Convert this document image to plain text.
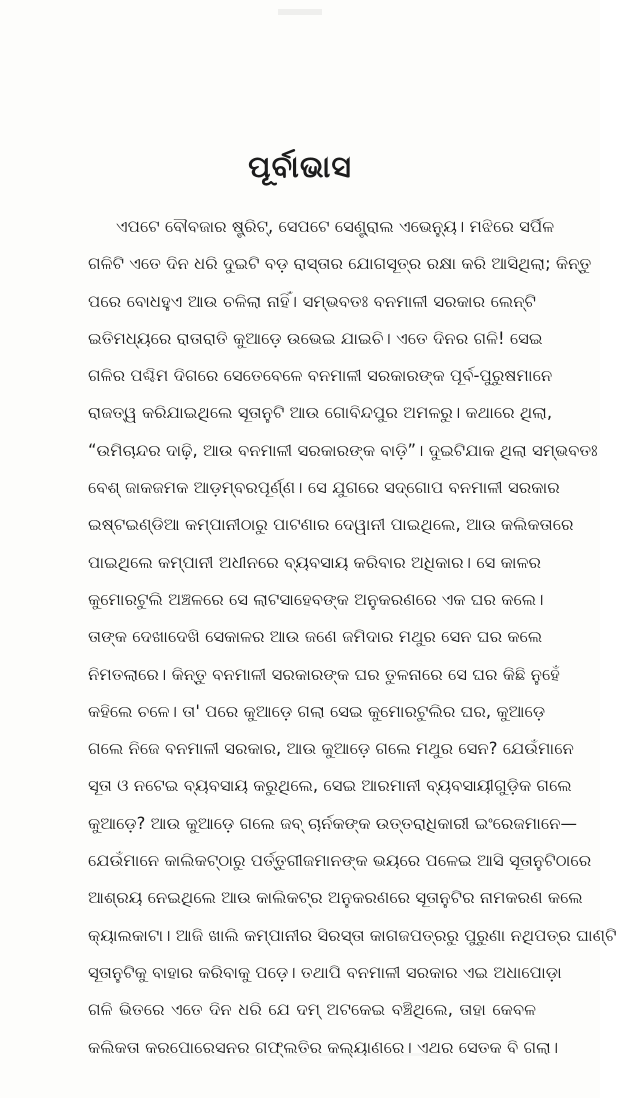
ପୂର୍ବାଭାସ
ଏପଟେ ବୌବଜାର ଷ୍ଟ୍ରିଟ୍, ସେପଟେ ସେଣ୍ଟ୍ରାଲ ଏଭେନ୍ୟୁ। ମଝିରେ ସର୍ପିଳ
ଗଳିଟି ଏତେ ଦିନ ଧରି ଦୁଇଟି ବଡ଼ ରାସ୍ତାର ଯୋଗସୂତ୍ର ରକ୍ଷା କରି ଆସିଥିଲା; କିନ୍ତୁ
ପରେ ବୋଧହୁଏ ଆଉ ଚଳିଲା ନାହିଁ। ସମ୍ଭବତଃ ବନମାଳୀ ସରକାର ଲେନ୍‌ଟି
ଇତିମଧ୍ୟରେ ରାତାରାତି କୁଆଡ଼େ ଉଭେଇ ଯାଇଚି। ଏତେ ଦିନର ଗଳି! ସେଇ
ଗଳିର ପଶ୍ଚିମ ଦିଗରେ ସେତେବେଳେ ବନମାଳୀ ସରକାରଙ୍କ ପୂର୍ବ-ପୁରୁଷମାନେ
ରାଜତ୍ୱ କରିଯାଇଥିଲେ ସୂତାନୁଟି ଆଉ ଗୋବିନ୍ଦପୁର ଅମଳରୁ। କଥାରେ ଥିଲା,
“ଉମିଚାନ୍ଦର ଦାଢ଼ି, ଆଉ ବନମାଳୀ ସରକାରଙ୍କ ବାଡ଼ି”। ଦୁଇଟିଯାକ ଥିଲା ସମ୍ଭବତଃ
ବେଶ୍ ଜାକଜମକ ଆଡ଼ମ୍ବରପୂର୍ଣ୍ଣ। ସେ ଯୁଗରେ ସଦ୍‌ଗୋପ ବନମାଳୀ ସରକାର
ଇଷ୍ଟଇଣ୍ଡିଆ କମ୍ପାନୀଠାରୁ ପାଟଣାର ଦେୱାନୀ ପାଇଥିଲେ, ଆଉ କଲିକତାରେ
ପାଇଥିଲେ କମ୍ପାନୀ ଅଧୀନରେ ବ୍ୟବସାୟ କରିବାର ଅଧିକାର। ସେ କାଳର
କୁମୋରଟୁଲି ଅଞ୍ଚଳରେ ସେ ଲାଟସାହେବଙ୍କ ଅନୁକରଣରେ ଏକ ଘର କଲେ।
ତାଙ୍କ ଦେଖାଦେଖି ସେକାଳର ଆଉ ଜଣେ ଜମିଦାର ମଥୁର ସେନ ଘର କଲେ
ନିମତଲାରେ। କିନ୍ତୁ ବନମାଳୀ ସରକାରଙ୍କ ଘର ତୁଳନାରେ ସେ ଘର କିଛି ନୁହେଁ
କହିଲେ ଚଳେ। ତା' ପରେ କୁଆଡ଼େ ଗଲା ସେଇ କୁମୋରଟୁଲିର ଘର, କୁଆଡ଼େ
ଗଲେ ନିଜେ ବନମାଳୀ ସରକାର, ଆଉ କୁଆଡ଼େ ଗଲେ ମଥୁର ସେନ? ଯେଉଁମାନେ
ସୂତା ଓ ନଟେଇ ବ୍ୟବସାୟ କରୁଥିଲେ, ସେଇ ଆରମାନୀ ବ୍ୟବସାୟୀଗୁଡ଼ିକ ଗଲେ
କୁଆଡ଼େ? ଆଉ କୁଆଡ଼େ ଗଲେ ଜବ୍ ଚାର୍ନକଙ୍କ ଉତ୍ତରାଧିକାରୀ ଇଂରେଜମାନେ—
ଯେଉଁମାନେ କାଲିକଟ୍‌ଠାରୁ ପର୍ତ୍ତୁଗୀଜମାନଙ୍କ ଭୟରେ ପଳେଇ ଆସି ସୂତାନୁଟିଠାରେ
ଆଶ୍ରୟ ନେଇଥିଲେ ଆଉ କାଲିକଟ୍‌ର ଅନୁକରଣରେ ସୂତାନୁଟିର ନାମକରଣ କଲେ
କ୍ୟାଲକାଟା। ଆଜି ଖାଲି କମ୍ପାନୀର ସିରସ୍ତା କାଗଜପତ୍ରରୁ ପୁରୁଣା ନଥିପତ୍ର ଘାଣ୍ଟି
ସୂତାନୁଟିକୁ ବାହାର କରିବାକୁ ପଡ଼େ। ତଥାପି ବନମାଳୀ ସରକାର ଏଇ ଅଧାପୋଡ଼ା
ଗଳି ଭିତରେ ଏତେ ଦିନ ଧରି ଯେ ଦମ୍ ଅଟକେଇ ବଞ୍ଚିଥିଲେ, ତାହା କେବଳ
କଲିକତା କରପୋରେସନର ଗଫ୍‌ଲତିର କଲ୍ୟାଣରେ। ଏଥର ସେତକ ବି ଗଲା।
